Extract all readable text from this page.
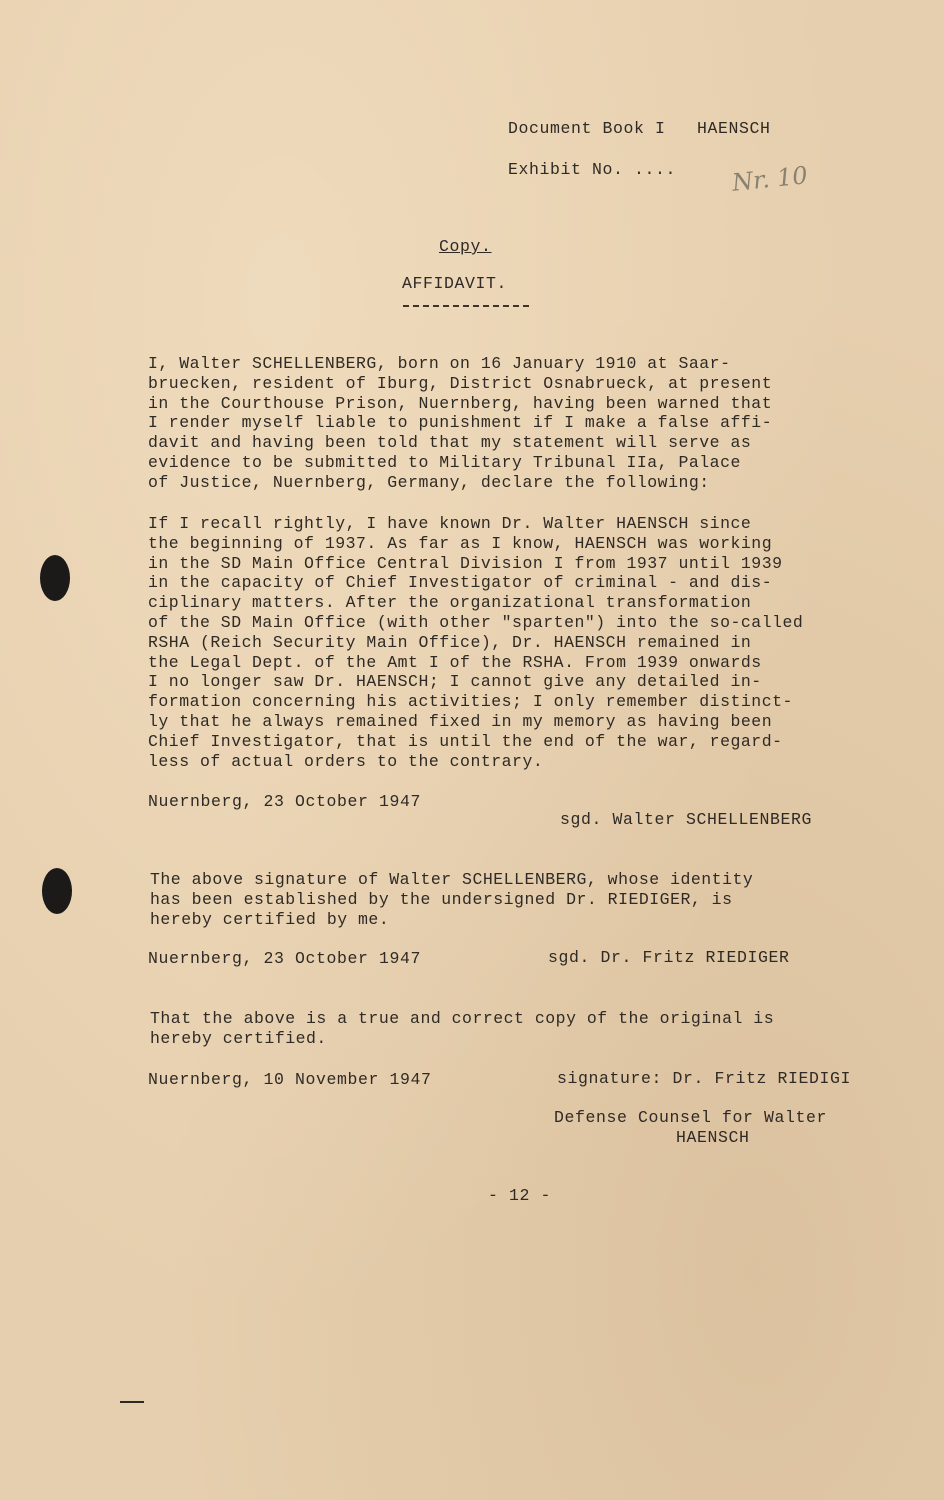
Document Book I   HAENSCH
Exhibit No. .... Nr. 10
Copy.
AFFIDAVIT.
I, Walter SCHELLENBERG, born on 16 January 1910 at Saar-
bruecken, resident of Iburg, District Osnabrueck, at present
in the Courthouse Prison, Nuernberg, having been warned that
I render myself liable to punishment if I make a false affi-
davit and having been told that my statement will serve as
evidence to be submitted to Military Tribunal IIa, Palace
of Justice, Nuernberg, Germany, declare the following:
If I recall rightly, I have known Dr. Walter HAENSCH since
the beginning of 1937. As far as I know, HAENSCH was working
in the SD Main Office Central Division I from 1937 until 1939
in the capacity of Chief Investigator of criminal - and dis-
ciplinary matters. After the organizational transformation
of the SD Main Office (with other "sparten") into the so-called
RSHA (Reich Security Main Office), Dr. HAENSCH remained in
the Legal Dept. of the Amt I of the RSHA. From 1939 onwards
I no longer saw Dr. HAENSCH; I cannot give any detailed in-
formation concerning his activities; I only remember distinct-
ly that he always remained fixed in my memory as having been
Chief Investigator, that is until the end of the war, regard-
less of actual orders to the contrary.
Nuernberg, 23 October 1947
sgd. Walter SCHELLENBERG
The above signature of Walter SCHELLENBERG, whose identity
has been established by the undersigned Dr. RIEDIGER, is
hereby certified by me.
Nuernberg, 23 October 1947	sgd. Dr. Fritz RIEDIGER
That the above is a true and correct copy of the original is
hereby certified.
Nuernberg, 10 November 1947	signature: Dr. Fritz RIEDIGI
Defense Counsel for Walter
HAENSCH
- 12 -
